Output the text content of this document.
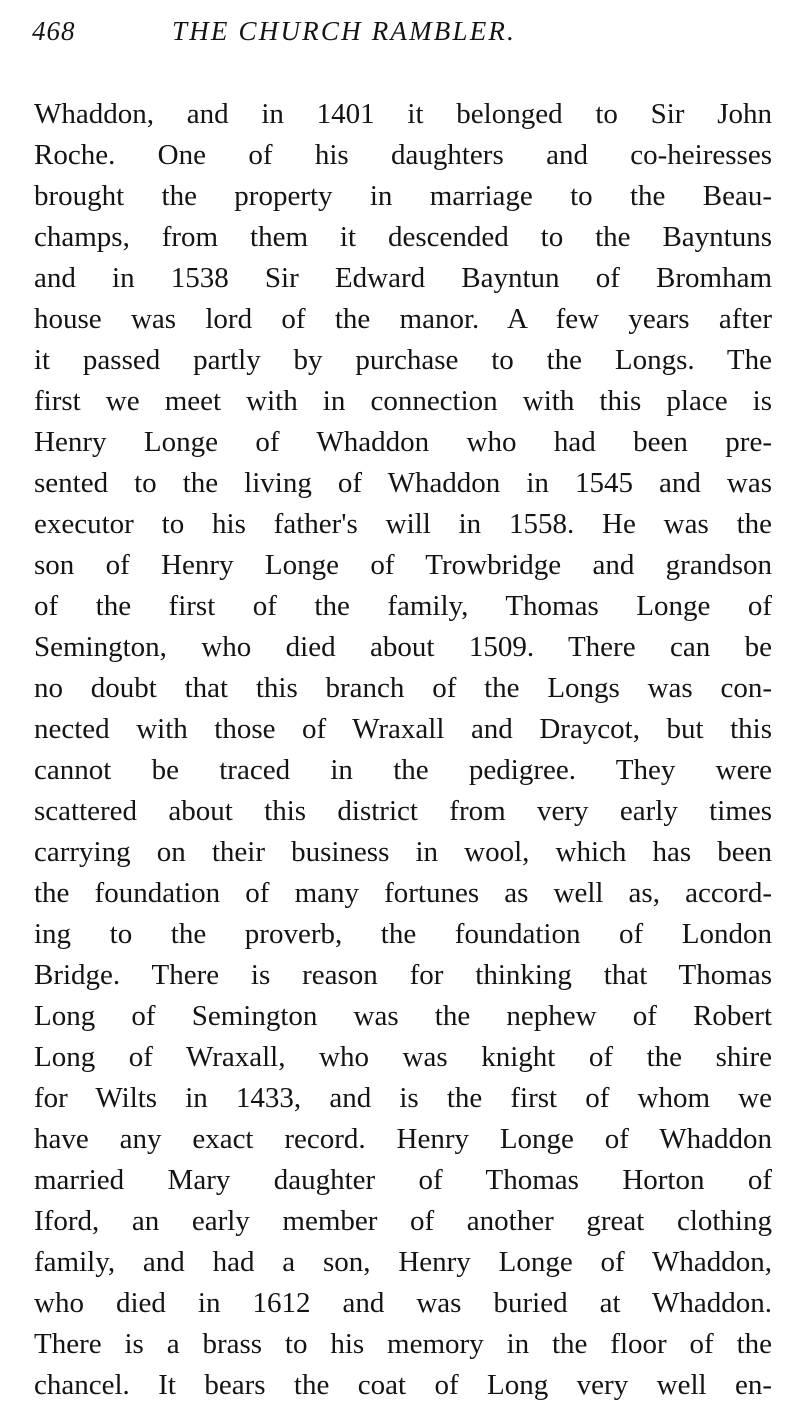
468	THE CHURCH RAMBLER.
Whaddon, and in 1401 it belonged to Sir John
Roche. One of his daughters and co-heiresses
brought the property in marriage to the Beau-
champs, from them it descended to the Bayntuns
and in 1538 Sir Edward Bayntun of Bromham
house was lord of the manor. A few years after
it passed partly by purchase to the Longs. The
first we meet with in connection with this place is
Henry Longe of Whaddon who had been pre-
sented to the living of Whaddon in 1545 and was
executor to his father's will in 1558. He was the
son of Henry Longe of Trowbridge and grandson
of the first of the family, Thomas Longe of
Semington, who died about 1509. There can be
no doubt that this branch of the Longs was con-
nected with those of Wraxall and Draycot, but this
cannot be traced in the pedigree. They were
scattered about this district from very early times
carrying on their business in wool, which has been
the foundation of many fortunes as well as, accord-
ing to the proverb, the foundation of London
Bridge. There is reason for thinking that Thomas
Long of Semington was the nephew of Robert
Long of Wraxall, who was knight of the shire
for Wilts in 1433, and is the first of whom we
have any exact record. Henry Longe of Whaddon
married Mary daughter of Thomas Horton of
Iford, an early member of another great clothing
family, and had a son, Henry Longe of Whaddon,
who died in 1612 and was buried at Whaddon.
There is a brass to his memory in the floor of the
chancel. It bears the coat of Long very well en-
